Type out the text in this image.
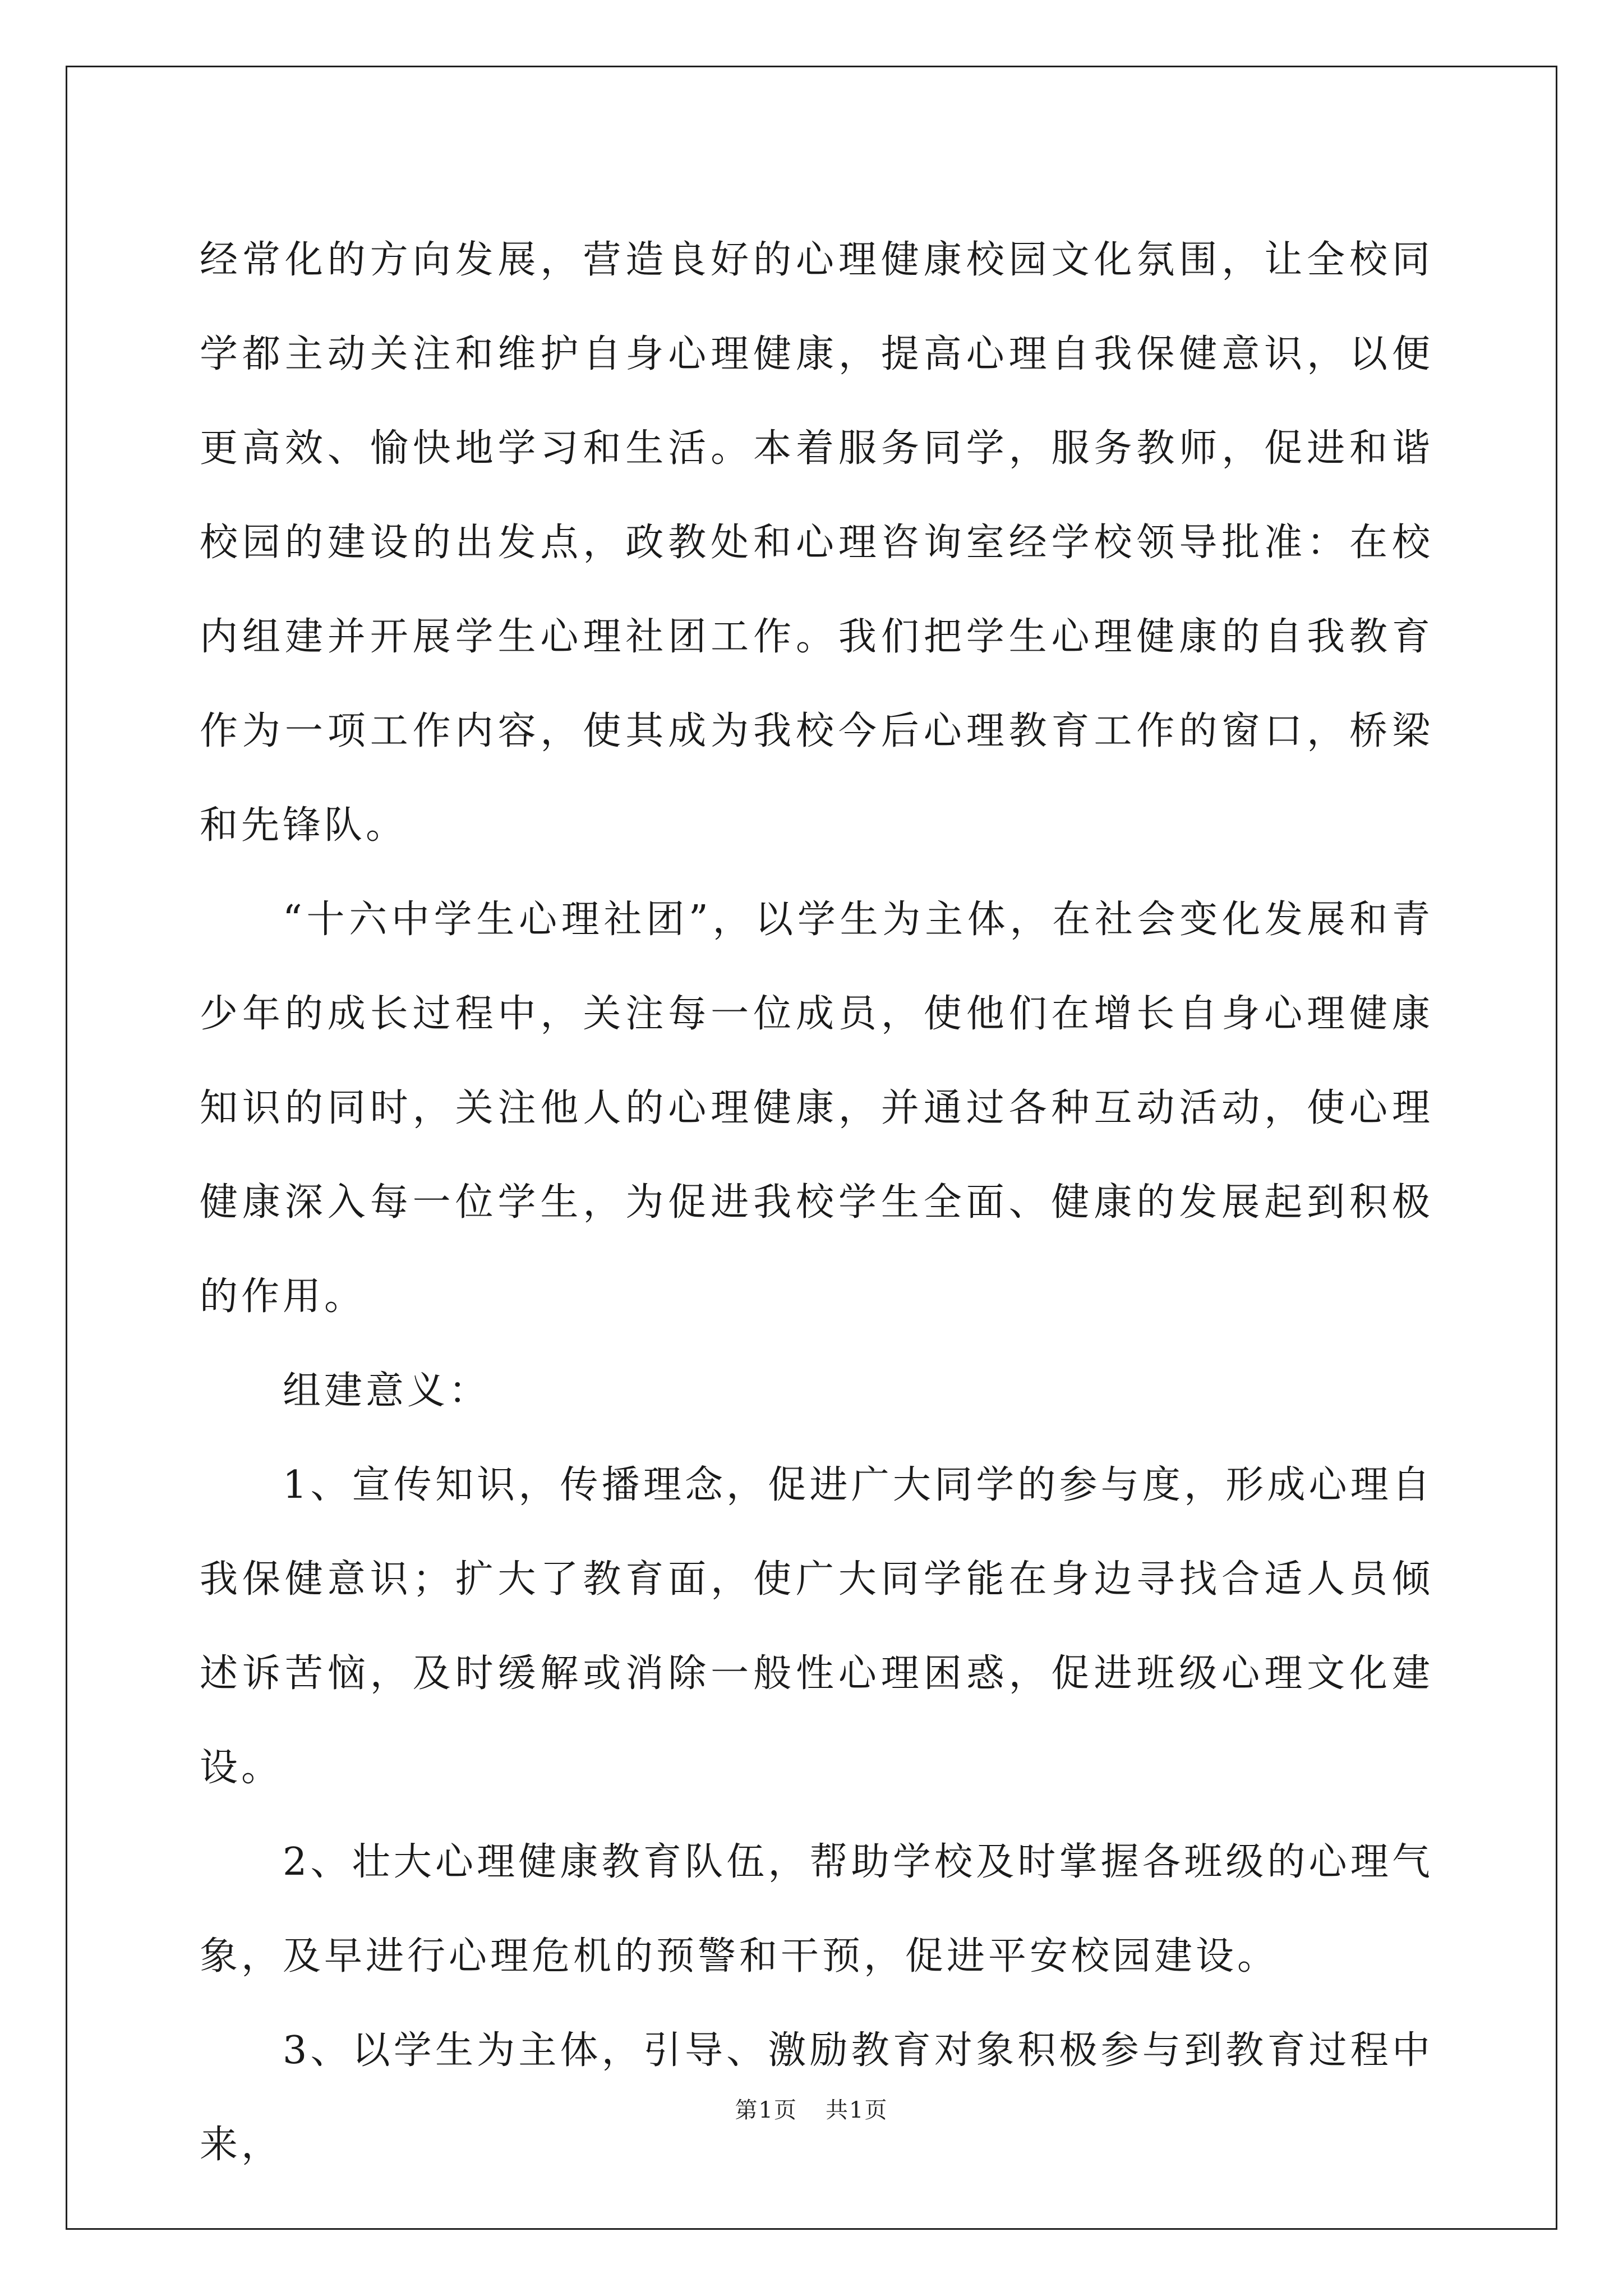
经常化的方向发展，营造良好的心理健康校园文化氛围，让全校同学都主动关注和维护自身心理健康，提高心理自我保健意识，以便更高效、愉快地学习和生活。本着服务同学，服务教师，促进和谐校园的建设的出发点，政教处和心理咨询室经学校领导批准：在校内组建并开展学生心理社团工作。我们把学生心理健康的自我教育作为一项工作内容，使其成为我校今后心理教育工作的窗口，桥梁和先锋队。

“十六中学生心理社团”，以学生为主体，在社会变化发展和青少年的成长过程中，关注每一位成员，使他们在增长自身心理健康知识的同时，关注他人的心理健康，并通过各种互动活动，使心理健康深入每一位学生，为促进我校学生全面、健康的发展起到积极的作用。

组建意义：

1、宣传知识，传播理念，促进广大同学的参与度，形成心理自我保健意识；扩大了教育面，使广大同学能在身边寻找合适人员倾述诉苦恼，及时缓解或消除一般性心理困惑，促进班级心理文化建设。

2、壮大心理健康教育队伍，帮助学校及时掌握各班级的心理气象，及早进行心理危机的预警和干预，促进平安校园建设。

3、以学生为主体，引导、激励教育对象积极参与到教育过程中来，

第1页 共1页
